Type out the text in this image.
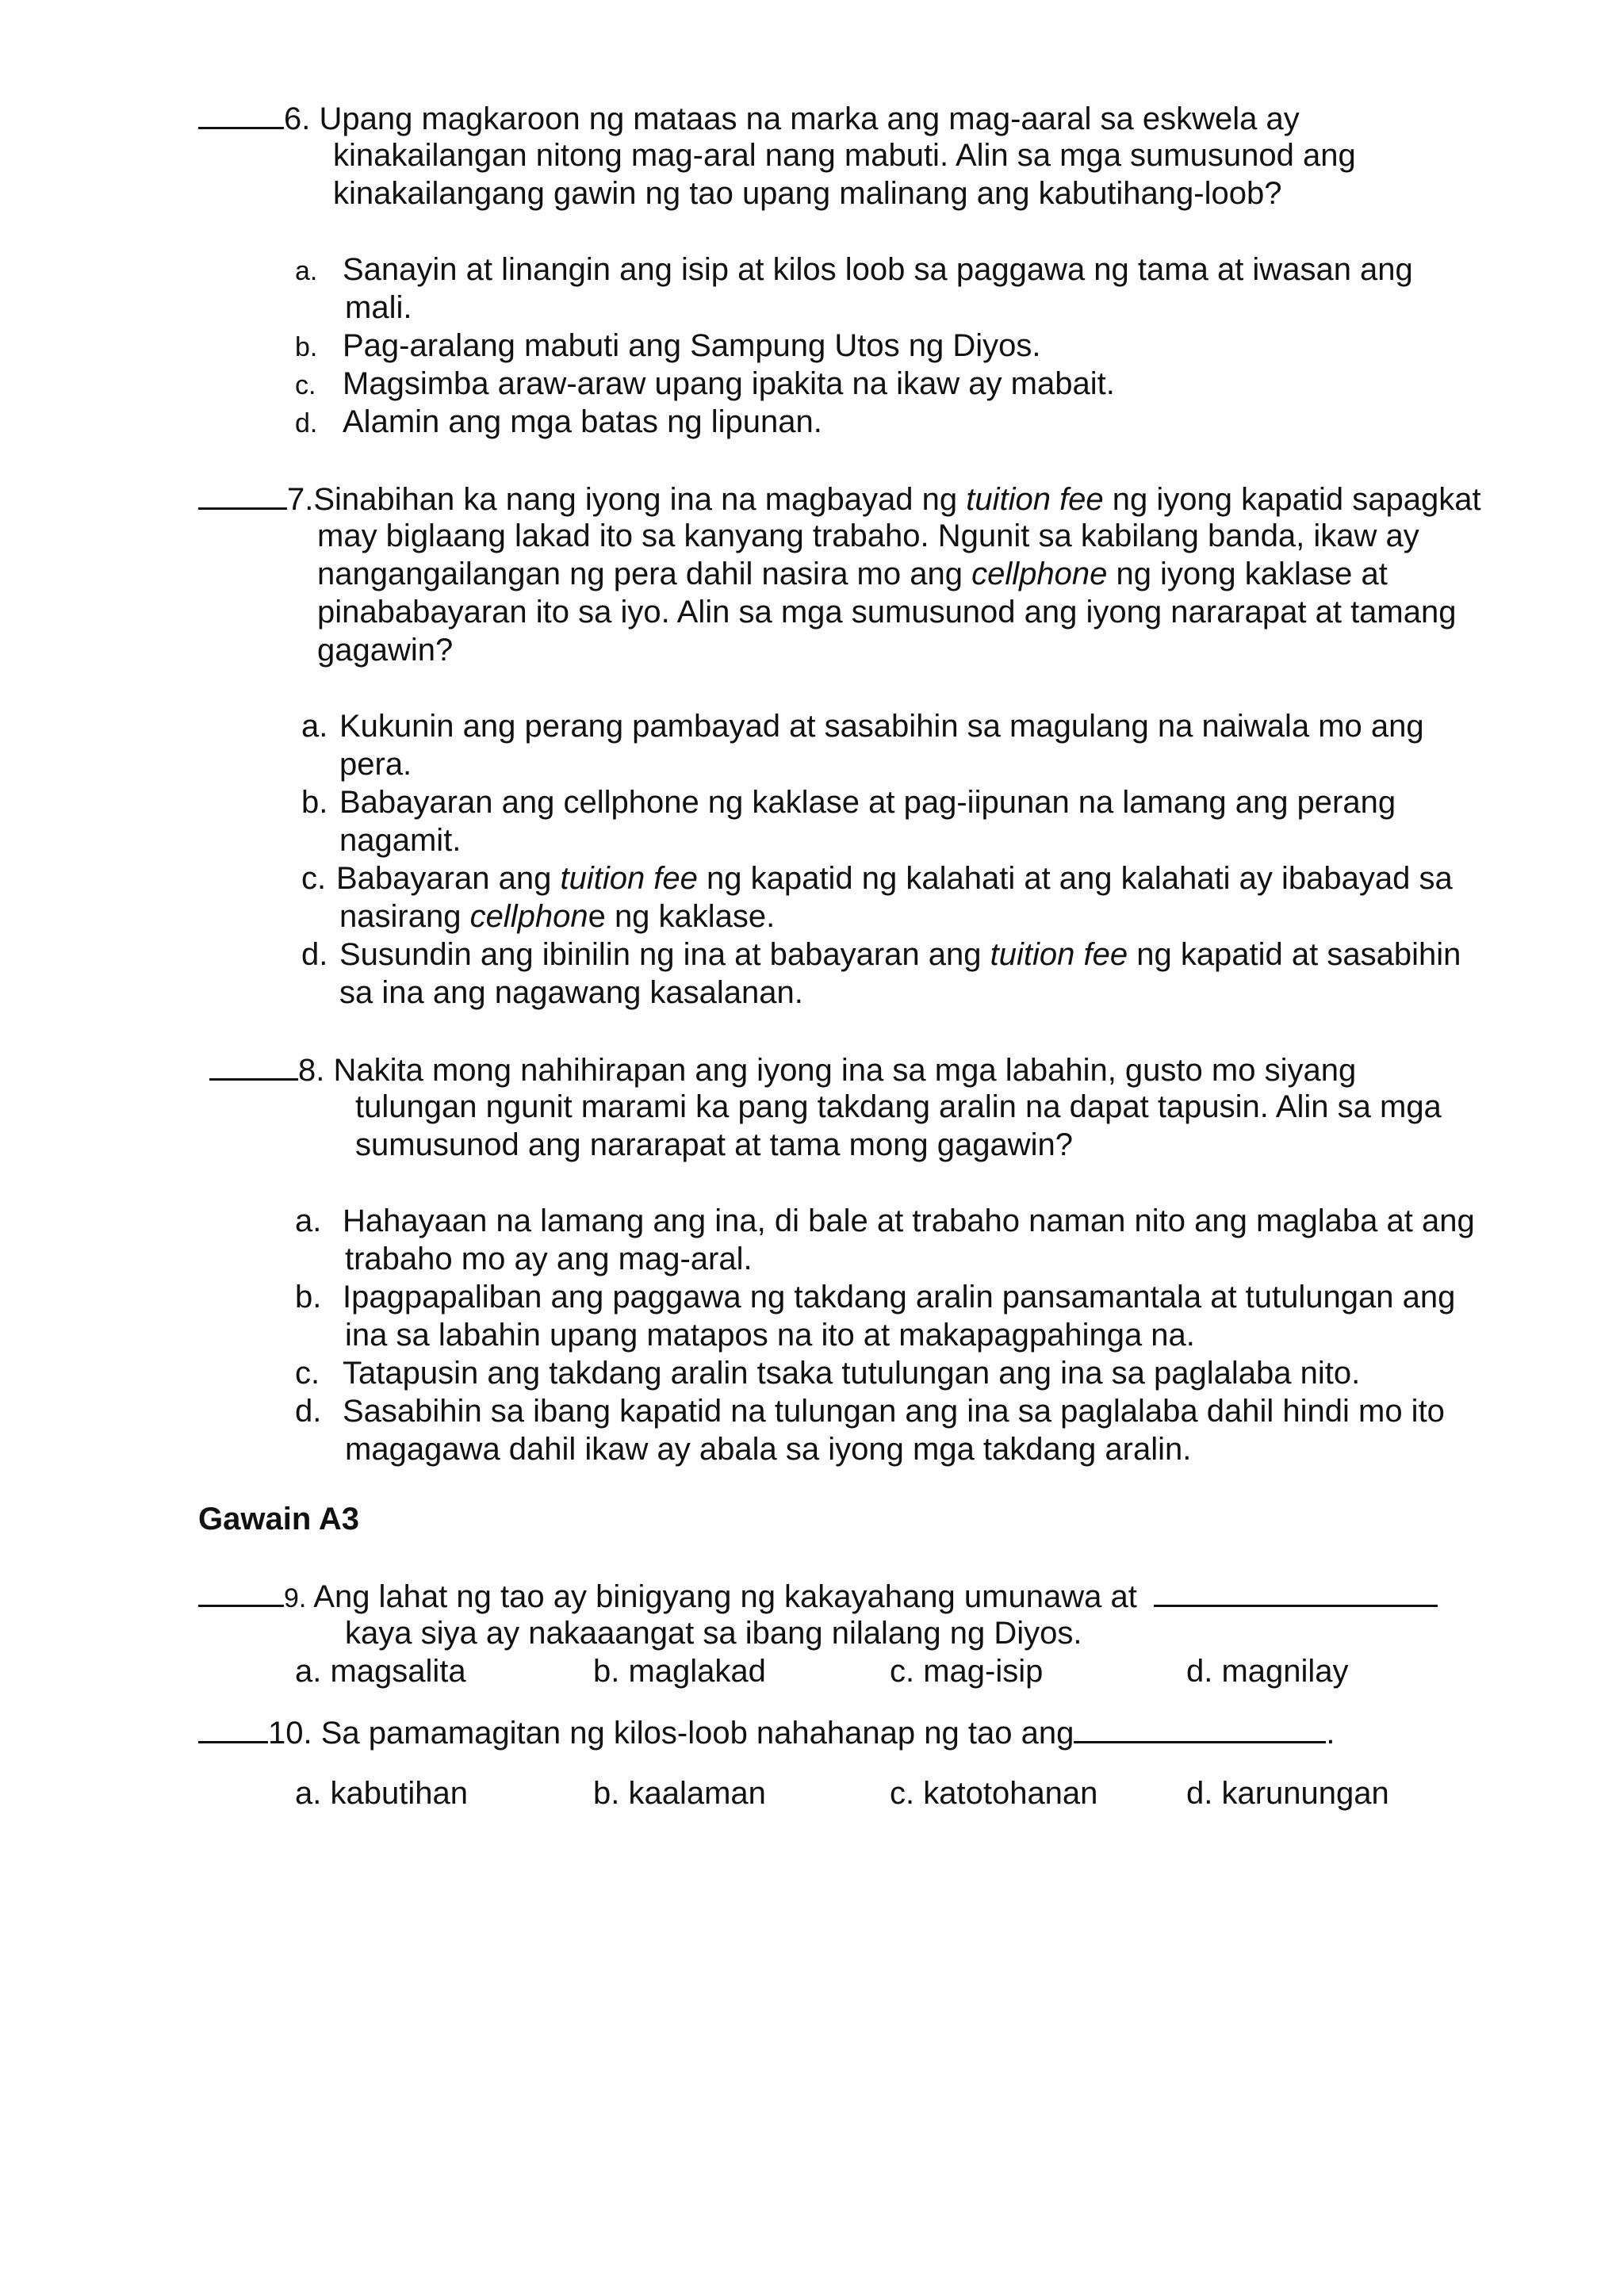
6. Upang magkaroon ng mataas na marka ang mag-aaral sa eskwela ay
kinakailangan nitong mag-aral nang mabuti. Alin sa mga sumusunod ang
kinakailangang gawin ng tao upang malinang ang kabutihang-loob?
a. Sanayin at linangin ang isip at kilos loob sa paggawa ng tama at iwasan ang
mali.
b. Pag-aralang mabuti ang Sampung Utos ng Diyos.
c. Magsimba araw-araw upang ipakita na ikaw ay mabait.
d. Alamin ang mga batas ng lipunan.
7.Sinabihan ka nang iyong ina na magbayad ng tuition fee ng iyong kapatid sapagkat
may biglaang lakad ito sa kanyang trabaho. Ngunit sa kabilang banda, ikaw ay
nangangailangan ng pera dahil nasira mo ang cellphone ng iyong kaklase at
pinababayaran ito sa iyo. Alin sa mga sumusunod ang iyong nararapat at tamang
gagawin?
a. Kukunin ang perang pambayad at sasabihin sa magulang na naiwala mo ang
pera.
b. Babayaran ang cellphone ng kaklase at pag-iipunan na lamang ang perang
nagamit.
c. Babayaran ang tuition fee ng kapatid ng kalahati at ang kalahati ay ibabayad sa
nasirang cellphone ng kaklase.
d. Susundin ang ibinilin ng ina at babayaran ang tuition fee ng kapatid at sasabihin
sa ina ang nagawang kasalanan.
8. Nakita mong nahihirapan ang iyong ina sa mga labahin, gusto mo siyang
tulungan ngunit marami ka pang takdang aralin na dapat tapusin. Alin sa mga
sumusunod ang nararapat at tama mong gagawin?
a. Hahayaan na lamang ang ina, di bale at trabaho naman nito ang maglaba at ang
trabaho mo ay ang mag-aral.
b. Ipagpapaliban ang paggawa ng takdang aralin pansamantala at tutulungan ang
ina sa labahin upang matapos na ito at makapagpahinga na.
c. Tatapusin ang takdang aralin tsaka tutulungan ang ina sa paglalaba nito.
d. Sasabihin sa ibang kapatid na tulungan ang ina sa paglalaba dahil hindi mo ito
magagawa dahil ikaw ay abala sa iyong mga takdang aralin.
Gawain A3
9. Ang lahat ng tao ay binigyang ng kakayahang umunawa at
kaya siya ay nakaaangat sa ibang nilalang ng Diyos.
a. magsalita	b. maglakad	c. mag-isip	d. magnilay
10. Sa pamamagitan ng kilos-loob nahahanap ng tao ang	.
a. kabutihan	b. kaalaman	c. katotohanan	d. karunungan
